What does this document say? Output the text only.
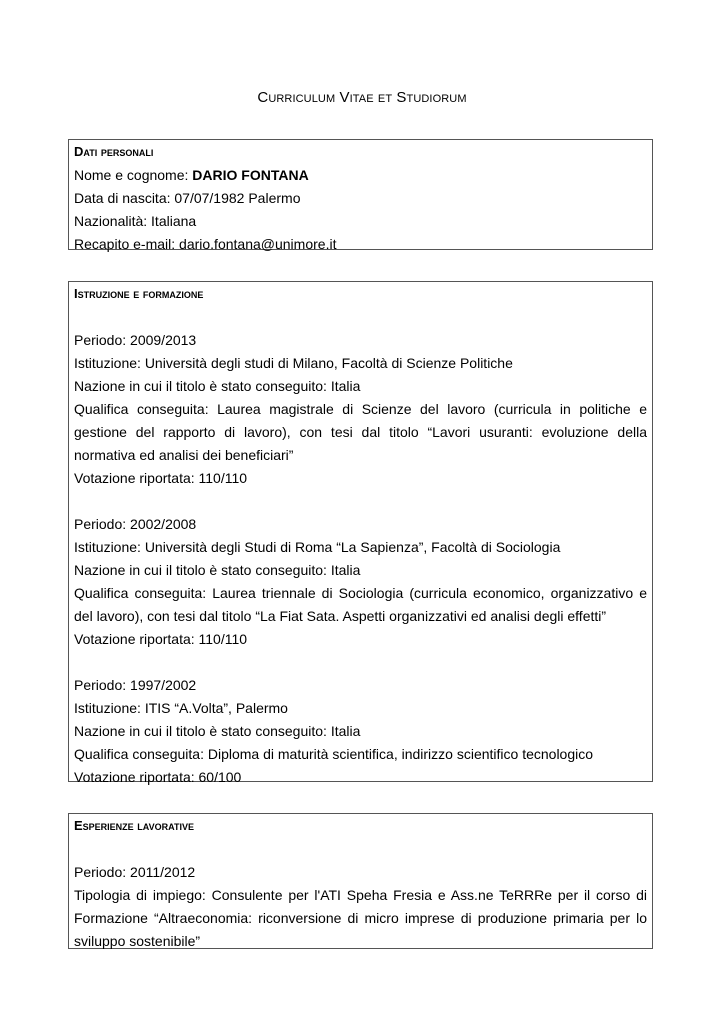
Curriculum Vitae et Studiorum
Dati personali

Nome e cognome: DARIO FONTANA

Data di nascita: 07/07/1982 Palermo

Nazionalità: Italiana

Recapito e-mail: dario.fontana@unimore.it

Istruzione e formazione

Periodo: 2009/2013

Istituzione: Università degli studi di Milano, Facoltà di Scienze Politiche

Nazione in cui il titolo è stato conseguito: Italia

Qualifica conseguita: Laurea magistrale di Scienze del lavoro (curricula in politiche e gestione del rapporto di lavoro), con tesi dal titolo “Lavori usuranti: evoluzione della normativa ed analisi dei beneficiari”

Votazione riportata: 110/110

Periodo: 2002/2008

Istituzione: Università degli Studi di Roma “La Sapienza”, Facoltà di Sociologia

Nazione in cui il titolo è stato conseguito: Italia

Qualifica conseguita: Laurea triennale di Sociologia (curricula economico, organizzativo e del lavoro), con tesi dal titolo “La Fiat Sata. Aspetti organizzativi ed analisi degli effetti”

Votazione riportata: 110/110

Periodo: 1997/2002

Istituzione: ITIS “A.Volta”, Palermo

Nazione in cui il titolo è stato conseguito: Italia

Qualifica conseguita: Diploma di maturità scientifica, indirizzo scientifico tecnologico

Votazione riportata: 60/100

Esperienze lavorative

Periodo: 2011/2012

Tipologia di impiego: Consulente per l'ATI Speha Fresia e Ass.ne TeRRRe per il corso di Formazione “Altraeconomia: riconversione di micro imprese di produzione primaria per lo sviluppo sostenibile”
